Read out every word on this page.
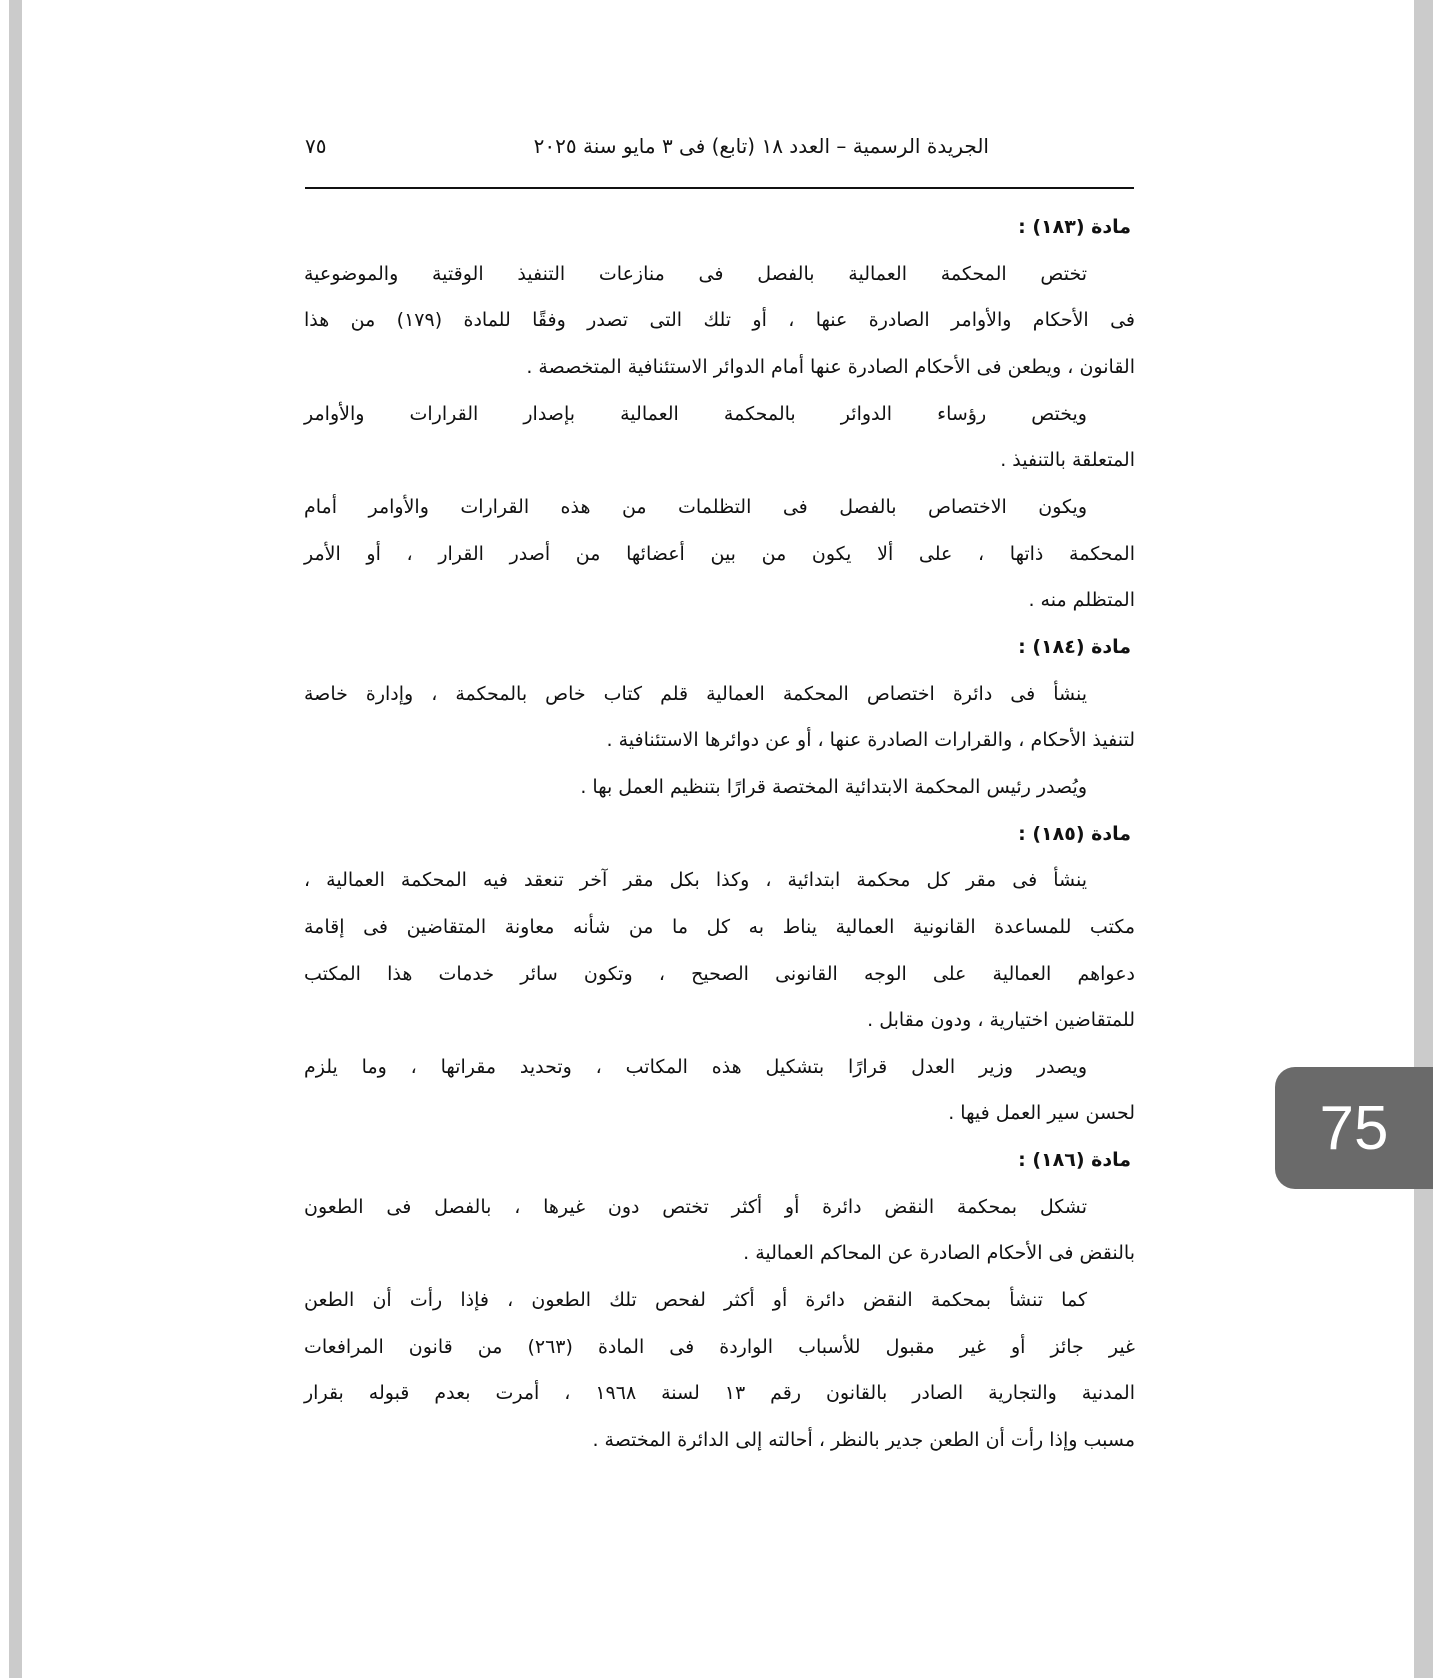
الجريدة الرسمية – العدد ١٨ (تابع) فى ٣ مايو سنة ٢٠٢٥
٧٥
مادة (١٨٣) :
تختص المحكمة العمالية بالفصل فى منازعات التنفيذ الوقتية والموضوعية
فى الأحكام والأوامر الصادرة عنها ، أو تلك التى تصدر وفقًا للمادة (١٧٩) من هذا
القانون ، ويطعن فى الأحكام الصادرة عنها أمام الدوائر الاستئنافية المتخصصة .
ويختص رؤساء الدوائر بالمحكمة العمالية بإصدار القرارات والأوامر
المتعلقة بالتنفيذ .
ويكون الاختصاص بالفصل فى التظلمات من هذه القرارات والأوامر أمام
المحكمة ذاتها ، على ألا يكون من بين أعضائها من أصدر القرار ، أو الأمر
المتظلم منه .
مادة (١٨٤) :
ينشأ فى دائرة اختصاص المحكمة العمالية قلم كتاب خاص بالمحكمة ، وإدارة خاصة
لتنفيذ الأحكام ، والقرارات الصادرة عنها ، أو عن دوائرها الاستئنافية .
ويُصدر رئيس المحكمة الابتدائية المختصة قرارًا بتنظيم العمل بها .
مادة (١٨٥) :
ينشأ فى مقر كل محكمة ابتدائية ، وكذا بكل مقر آخر تنعقد فيه المحكمة العمالية ،
مكتب للمساعدة القانونية العمالية يناط به كل ما من شأنه معاونة المتقاضين فى إقامة
دعواهم العمالية على الوجه القانونى الصحيح ، وتكون سائر خدمات هذا المكتب
للمتقاضين اختيارية ، ودون مقابل .
ويصدر وزير العدل قرارًا بتشكيل هذه المكاتب ، وتحديد مقراتها ، وما يلزم
لحسن سير العمل فيها .
مادة (١٨٦) :
تشكل بمحكمة النقض دائرة أو أكثر تختص دون غيرها ، بالفصل فى الطعون
بالنقض فى الأحكام الصادرة عن المحاكم العمالية .
كما تنشأ بمحكمة النقض دائرة أو أكثر لفحص تلك الطعون ، فإذا رأت أن الطعن
غير جائز أو غير مقبول للأسباب الواردة فى المادة (٢٦٣) من قانون المرافعات
المدنية والتجارية الصادر بالقانون رقم ١٣ لسنة ١٩٦٨ ، أمرت بعدم قبوله بقرار
مسبب وإذا رأت أن الطعن جدير بالنظر ، أحالته إلى الدائرة المختصة .
75
